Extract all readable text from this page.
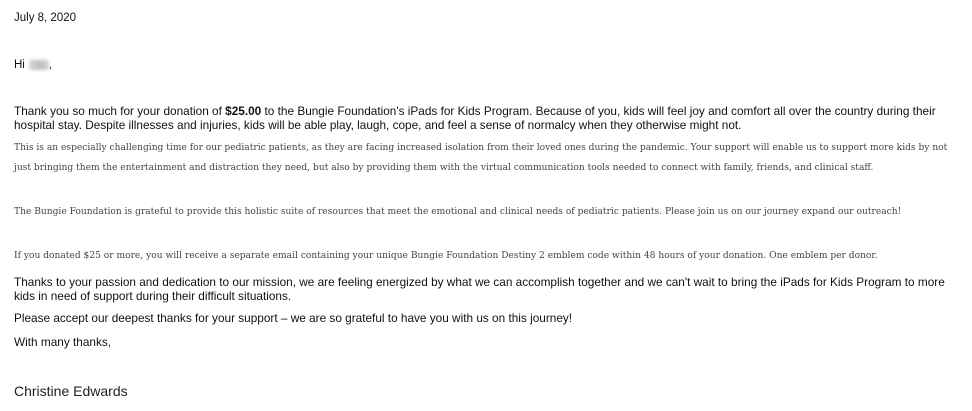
July 8, 2020
Hi ,

Thank you so much for your donation of $25.00 to the Bungie Foundation's iPads for Kids Program. Because of you, kids will feel joy and comfort all over the country during their hospital stay. Despite illnesses and injuries, kids will be able play, laugh, cope, and feel a sense of normalcy when they otherwise might not.

This is an especially challenging time for our pediatric patients, as they are facing increased isolation from their loved ones during the pandemic. Your support will enable us to support more kids by not just bringing them the entertainment and distraction they need, but also by providing them with the virtual communication tools needed to connect with family, friends, and clinical staff.

The Bungie Foundation is grateful to provide this holistic suite of resources that meet the emotional and clinical needs of pediatric patients. Please join us on our journey expand our outreach!

If you donated $25 or more, you will receive a separate email containing your unique Bungie Foundation Destiny 2 emblem code within 48 hours of your donation. One emblem per donor.

Thanks to your passion and dedication to our mission, we are feeling energized by what we can accomplish together and we can't wait to bring the iPads for Kids Program to more kids in need of support during their difficult situations.

Please accept our deepest thanks for your support – we are so grateful to have you with us on this journey!

With many thanks,

Christine Edwards
